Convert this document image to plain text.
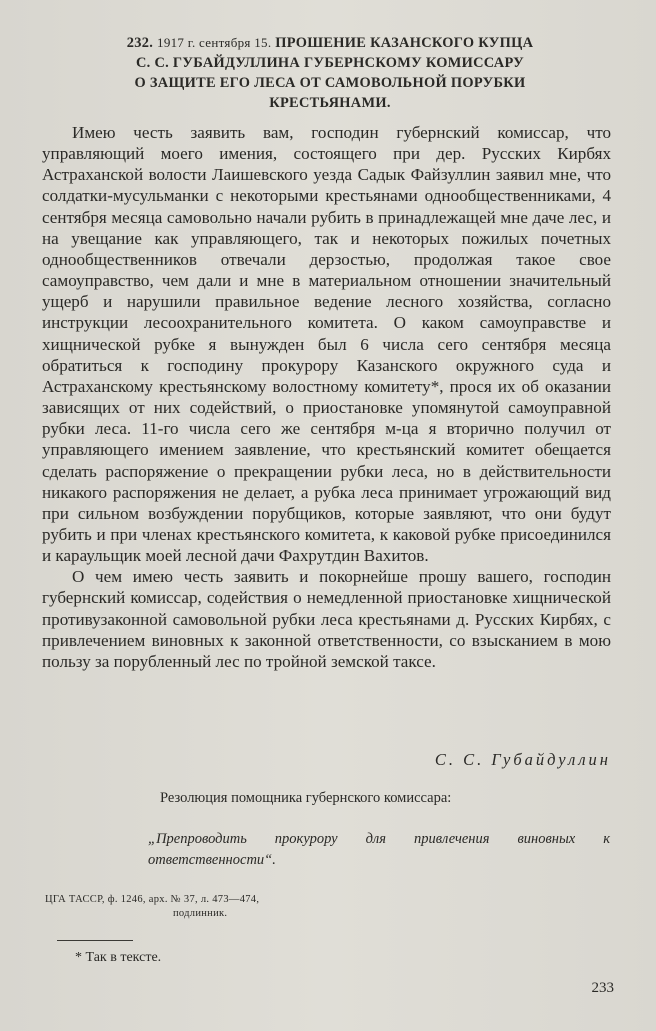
232. 1917 г. сентября 15. ПРОШЕНИЕ КАЗАНСКОГО КУПЦА
С. С. ГУБАЙДУЛЛИНА ГУБЕРНСКОМУ КОМИССАРУ
О ЗАЩИТЕ ЕГО ЛЕСА ОТ САМОВОЛЬНОЙ ПОРУБКИ
КРЕСТЬЯНАМИ.

Имею честь заявить вам, господин губернский комиссар, что управляющий моего имения, состоящего при дер. Русских Кирбях Астраханской волости Лаишевского уезда Садык Файзуллин заявил мне, что солдатки-мусульманки с некоторыми крестьянами однообщественниками, 4 сентября месяца самовольно начали рубить в принадлежащей мне даче лес, и на увещание как управляющего, так и некоторых пожилых почетных однообщественников отвечали дерзостью, продолжая такое свое самоуправство, чем дали и мне в материальном отношении значительный ущерб и нарушили правильное ведение лесного хозяйства, согласно инструкции лесоохранительного комитета. О каком самоуправстве и хищнической рубке я вынужден был 6 числа сего сентября месяца обратиться к господину прокурору Казанского окружного суда и Астраханскому крестьянскому волостному комитету*, прося их об оказании зависящих от них содействий, о приостановке упомянутой самоуправной рубки леса. 11-го числа сего же сентября м-ца я вторично получил от управляющего имением заявление, что крестьянский комитет обещается сделать распоряжение о прекращении рубки леса, но в действительности никакого распоряжения не делает, а рубка леса принимает угрожающий вид при сильном возбуждении порубщиков, которые заявляют, что они будут рубить и при членах крестьянского комитета, к каковой рубке присоединился и караульщик моей лесной дачи Фахрутдин Вахитов.

О чем имею честь заявить и покорнейше прошу вашего, господин губернский комиссар, содействия о немедленной приостановке хищнической противузаконной самовольной рубки леса крестьянами д. Русских Кирбях, с привлечением виновных к законной ответственности, со взысканием в мою пользу за порубленный лес по тройной земской таксе.

С. С. Губайдуллин
Резолюция помощника губернского комиссара:
„Препроводить прокурору для привлечения виновных к ответственности“.
ЦГА ТАССР, ф. 1246, арх. № 37, л. 473—474,
подлинник.
* Так в тексте.
233
